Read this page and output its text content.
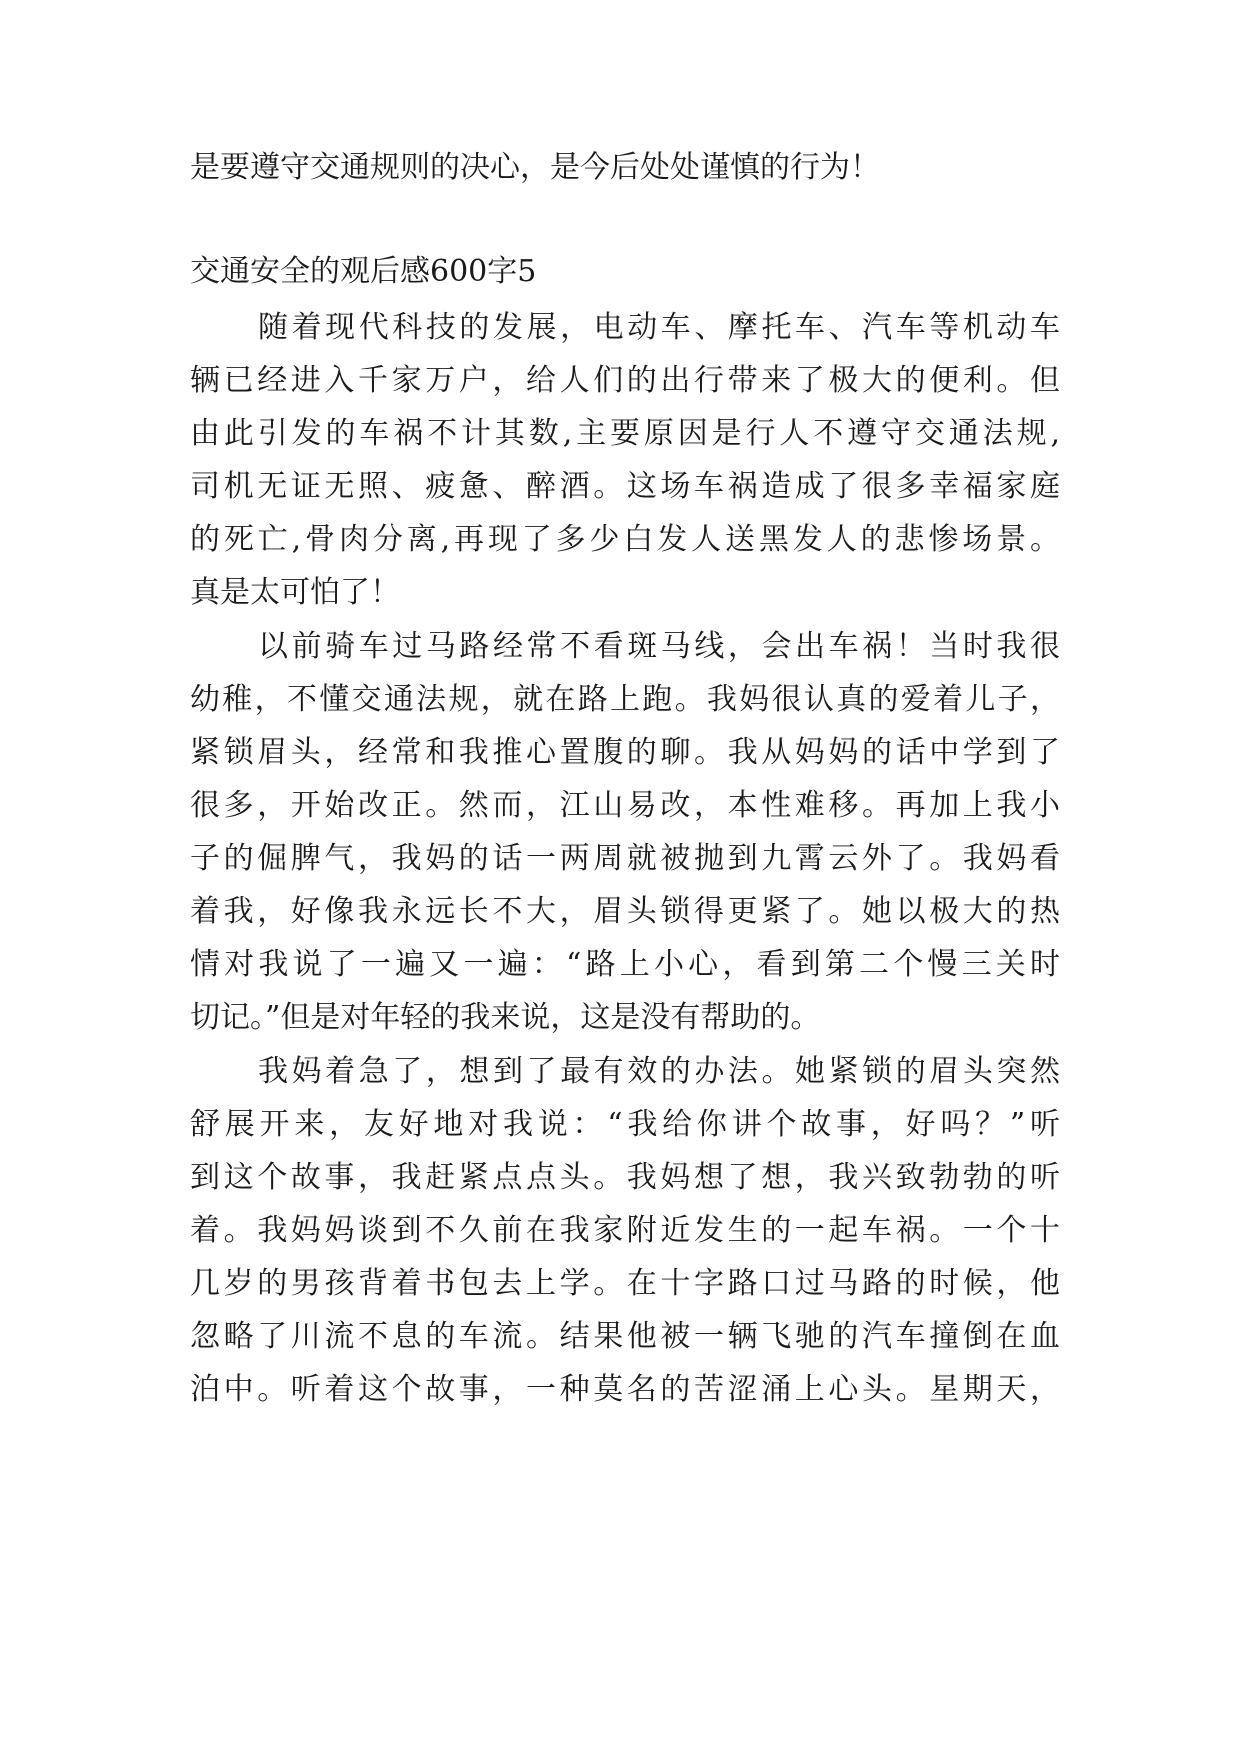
是要遵守交通规则的决心，是今后处处谨慎的行为！
交通安全的观后感600字5
随着现代科技的发展，电动车、摩托车、汽车等机动车
辆已经进入千家万户，给人们的出行带来了极大的便利。但
由此引发的车祸不计其数,主要原因是行人不遵守交通法规,
司机无证无照、疲惫、醉酒。这场车祸造成了很多幸福家庭
的死亡,骨肉分离,再现了多少白发人送黑发人的悲惨场景。
真是太可怕了！
以前骑车过马路经常不看斑马线，会出车祸！当时我很
幼稚，不懂交通法规，就在路上跑。我妈很认真的爱着儿子，
紧锁眉头，经常和我推心置腹的聊。我从妈妈的话中学到了
很多，开始改正。然而，江山易改，本性难移。再加上我小
子的倔脾气，我妈的话一两周就被抛到九霄云外了。我妈看
着我，好像我永远长不大，眉头锁得更紧了。她以极大的热
情对我说了一遍又一遍：“路上小心，看到第二个慢三关时
切记。”但是对年轻的我来说，这是没有帮助的。
我妈着急了，想到了最有效的办法。她紧锁的眉头突然
舒展开来，友好地对我说：“我给你讲个故事，好吗？”听
到这个故事，我赶紧点点头。我妈想了想，我兴致勃勃的听
着。我妈妈谈到不久前在我家附近发生的一起车祸。一个十
几岁的男孩背着书包去上学。在十字路口过马路的时候，他
忽略了川流不息的车流。结果他被一辆飞驰的汽车撞倒在血
泊中。听着这个故事，一种莫名的苦涩涌上心头。星期天，
